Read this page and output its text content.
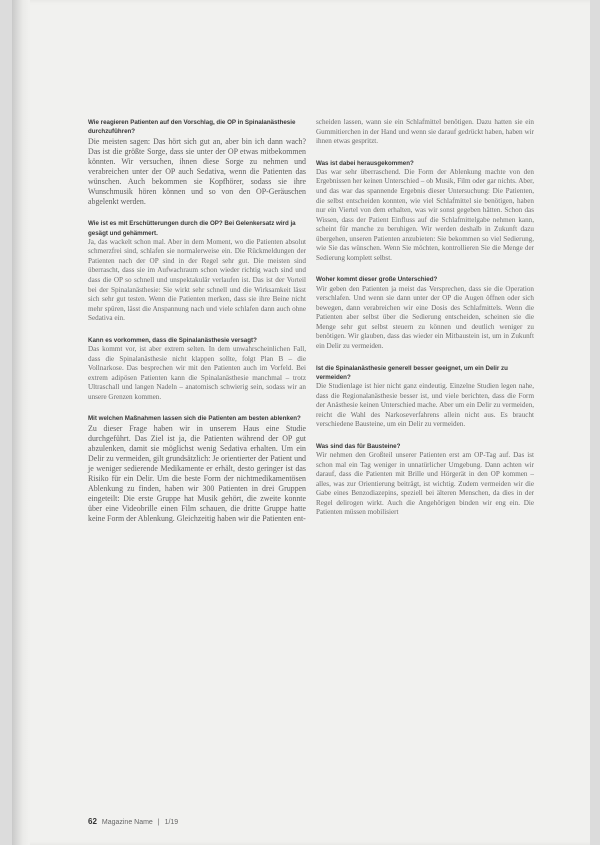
Wie reagieren Patienten auf den Vorschlag, die OP in Spinalanästhesie durchzuführen?

Die meisten sagen: Das hört sich gut an, aber bin ich dann wach? Das ist die größte Sorge, dass sie unter der OP etwas mitbekommen könnten. Wir versuchen, ihnen diese Sorge zu nehmen und verabreichen unter der OP auch Sedativa, wenn die Patienten das wünschen. Auch bekommen sie Kopfhörer, sodass sie ihre Wunschmusik hören können und so von den OP-Geräuschen abgelenkt werden.

Wie ist es mit Erschütterungen durch die OP? Bei Gelenkersatz wird ja gesägt und gehämmert.

Ja, das wackelt schon mal. Aber in dem Moment, wo die Patienten absolut schmerzfrei sind, schlafen sie normalerweise ein. Die Rückmeldungen der Patienten nach der OP sind in der Regel sehr gut. Die meisten sind überrascht, dass sie im Aufwachraum schon wieder richtig wach sind und dass die OP so schnell und unspektakulär verlaufen ist. Das ist der Vorteil bei der Spinalanästhesie: Sie wirkt sehr schnell und die Wirksamkeit lässt sich sehr gut testen. Wenn die Patienten merken, dass sie ihre Beine nicht mehr spüren, lässt die Anspannung nach und viele schlafen dann auch ohne Sedativa ein.

Kann es vorkommen, dass die Spinalanästhesie versagt?

Das kommt vor, ist aber extrem selten. In dem unwahrscheinlichen Fall, dass die Spinalanästhesie nicht klappen sollte, folgt Plan B – die Vollnarkose. Das besprechen wir mit den Patienten auch im Vorfeld. Bei extrem adipösen Patienten kann die Spinalanästhesie manchmal – trotz Ultraschall und langen Nadeln – anatomisch schwierig sein, sodass wir an unsere Grenzen kommen.

Mit welchen Maßnahmen lassen sich die Patienten am besten ablenken?

Zu dieser Frage haben wir in unserem Haus eine Studie durchgeführt. Das Ziel ist ja, die Patienten während der OP gut abzulenken, damit sie möglichst wenig Sedativa erhalten. Um ein Delir zu vermeiden, gilt grundsätzlich: Je orientierter der Patient und je weniger sedierende Medikamente er erhält, desto geringer ist das Risiko für ein Delir. Um die beste Form der nichtmedikamentösen Ablenkung zu finden, haben wir 300 Patienten in drei Gruppen eingeteilt: Die erste Gruppe hat Musik gehört, die zweite konnte über eine Videobrille einen Film schauen, die dritte Gruppe hatte keine Form der Ablenkung. Gleichzeitig haben wir die Patienten ent-

scheiden lassen, wann sie ein Schlafmittel benötigen. Dazu hatten sie ein Gummitierchen in der Hand und wenn sie darauf gedrückt haben, haben wir ihnen etwas gespritzt.

Was ist dabei herausgekommen?

Das war sehr überraschend. Die Form der Ablenkung machte von den Ergebnissen her keinen Unterschied – ob Musik, Film oder gar nichts. Aber, und das war das spannende Ergebnis dieser Untersuchung: Die Patienten, die selbst entscheiden konnten, wie viel Schlafmittel sie benötigen, haben nur ein Viertel von dem erhalten, was wir sonst gegeben hätten. Schon das Wissen, dass der Patient Einfluss auf die Schlafmittelgabe nehmen kann, scheint für manche zu beruhigen. Wir werden deshalb in Zukunft dazu übergehen, unseren Patienten anzubieten: Sie bekommen so viel Sedierung, wie Sie das wünschen. Wenn Sie möchten, kontrollieren Sie die Menge der Sedierung komplett selbst.

Woher kommt dieser große Unterschied?

Wir geben den Patienten ja meist das Versprechen, dass sie die Operation verschlafen. Und wenn sie dann unter der OP die Augen öffnen oder sich bewegen, dann verabreichen wir eine Dosis des Schlafmittels. Wenn die Patienten aber selbst über die Sedierung entscheiden, scheinen sie die Menge sehr gut selbst steuern zu können und deutlich weniger zu benötigen. Wir glauben, dass das wieder ein Mitbaustein ist, um in Zukunft ein Delir zu vermeiden.

Ist die Spinalanästhesie generell besser geeignet, um ein Delir zu vermeiden?

Die Studienlage ist hier nicht ganz eindeutig. Einzelne Studien legen nahe, dass die Regionalanästhesie besser ist, und viele berichten, dass die Form der Anästhesie keinen Unterschied mache. Aber um ein Delir zu vermeiden, reicht die Wahl des Narkoseverfahrens allein nicht aus. Es braucht verschiedene Bausteine, um ein Delir zu vermeiden.

Was sind das für Bausteine?

Wir nehmen den Großteil unserer Patienten erst am OP-Tag auf. Das ist schon mal ein Tag weniger in unnatürlicher Umgebung. Dann achten wir darauf, dass die Patienten mit Brille und Hörgerät in den OP kommen – alles, was zur Orientierung beiträgt, ist wichtig. Zudem vermeiden wir die Gabe eines Benzodiazepins, speziell bei älteren Menschen, da dies in der Regel delirogen wirkt. Auch die Angehörigen binden wir eng ein. Die Patienten müssen mobilisiert

62 Magazine Name | 1/19
